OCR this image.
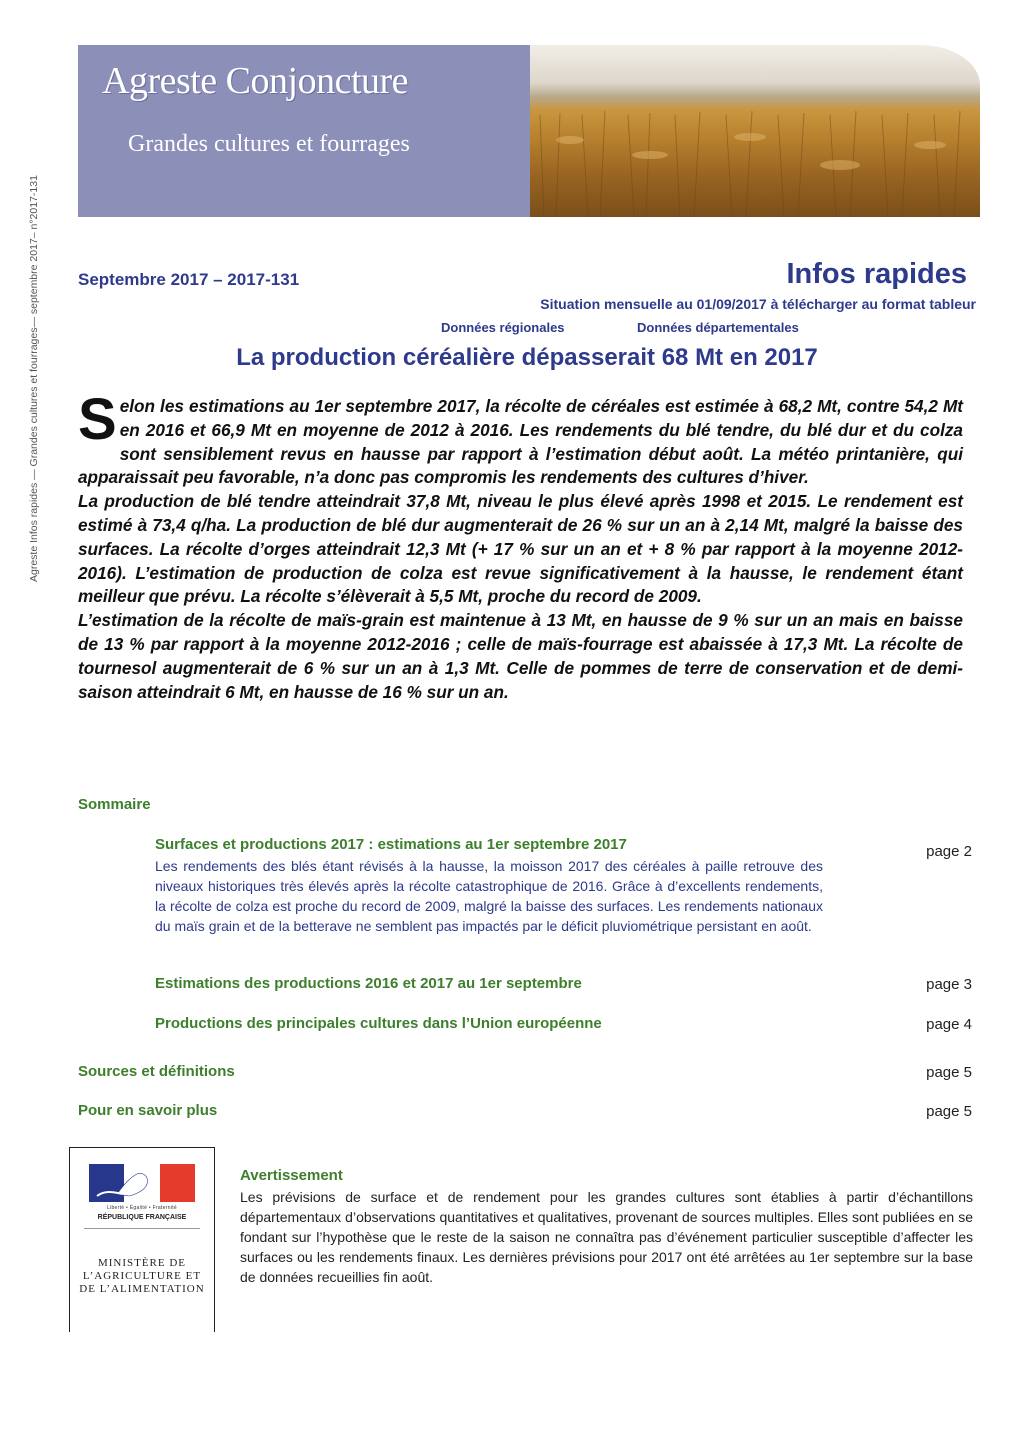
Agreste Infos rapides — Grandes cultures et fourrages— septembre 2017– n°2017-131
Agreste Conjoncture
Grandes cultures et fourrages
Septembre 2017 – 2017-131	Infos rapides
Situation mensuelle au 01/09/2017 à télécharger au format tableur
Données régionales	Données départementales
La production céréalière dépasserait 68 Mt en 2017

Selon les estimations au 1er septembre 2017, la récolte de céréales est estimée à 68,2 Mt, contre 54,2 Mt en 2016 et 66,9 Mt en moyenne de 2012 à 2016. Les rendements du blé tendre, du blé dur et du colza sont sensiblement revus en hausse par rapport à l’estimation début août. La météo printanière, qui apparaissait peu favorable, n’a donc pas compromis les rendements des cultures d’hiver.

La production de blé tendre atteindrait 37,8 Mt, niveau le plus élevé après 1998 et 2015. Le rendement est estimé à 73,4 q/ha. La production de blé dur augmenterait de 26 % sur un an à 2,14 Mt, malgré la baisse des surfaces. La récolte d’orges atteindrait 12,3 Mt (+ 17 % sur un an et + 8 % par rapport à la moyenne 2012-2016). L’estimation de production de colza est revue significativement à la hausse, le rendement étant meilleur que prévu. La récolte s’élèverait à 5,5 Mt, proche du record de 2009.

L’estimation de la récolte de maïs-grain est maintenue à 13 Mt, en hausse de 9 % sur un an mais en baisse de 13 % par rapport à la moyenne 2012-2016 ; celle de maïs-fourrage est abaissée à 17,3 Mt. La récolte de tournesol augmenterait de 6 % sur un an à 1,3 Mt. Celle de pommes de terre de conservation et de demi-saison atteindrait 6 Mt, en hausse de 16 % sur un an.

Sommaire
Surfaces et productions 2017 : estimations au 1er septembre 2017	page 2
Les rendements des blés étant révisés à la hausse, la moisson 2017 des céréales à paille retrouve des niveaux historiques très élevés après la récolte catastrophique de 2016. Grâce à d’excellents rendements, la récolte de colza est proche du record de 2009, malgré la baisse des surfaces. Les rendements nationaux du maïs grain et de la betterave ne semblent pas impactés par le déficit pluviométrique persistant en août.
Estimations des productions 2016 et 2017 au 1er septembre	page 3
Productions des principales cultures dans l’Union européenne	page 4
Sources et définitions	page 5
Pour en savoir plus	page 5
Liberté • Égalité • Fraternité
RÉPUBLIQUE FRANÇAISE
MINISTÈRE DE L’AGRICULTURE ET DE L’ALIMENTATION
Avertissement
Les prévisions de surface et de rendement pour les grandes cultures sont établies à partir d’échantillons départementaux d’observations quantitatives et qualitatives, provenant de sources multiples. Elles sont publiées en se fondant sur l’hypothèse que le reste de la saison ne connaîtra pas d’événement particulier susceptible d’affecter les surfaces ou les rendements finaux. Les dernières prévisions pour 2017 ont été arrêtées au 1er septembre sur la base de données recueillies fin août.
